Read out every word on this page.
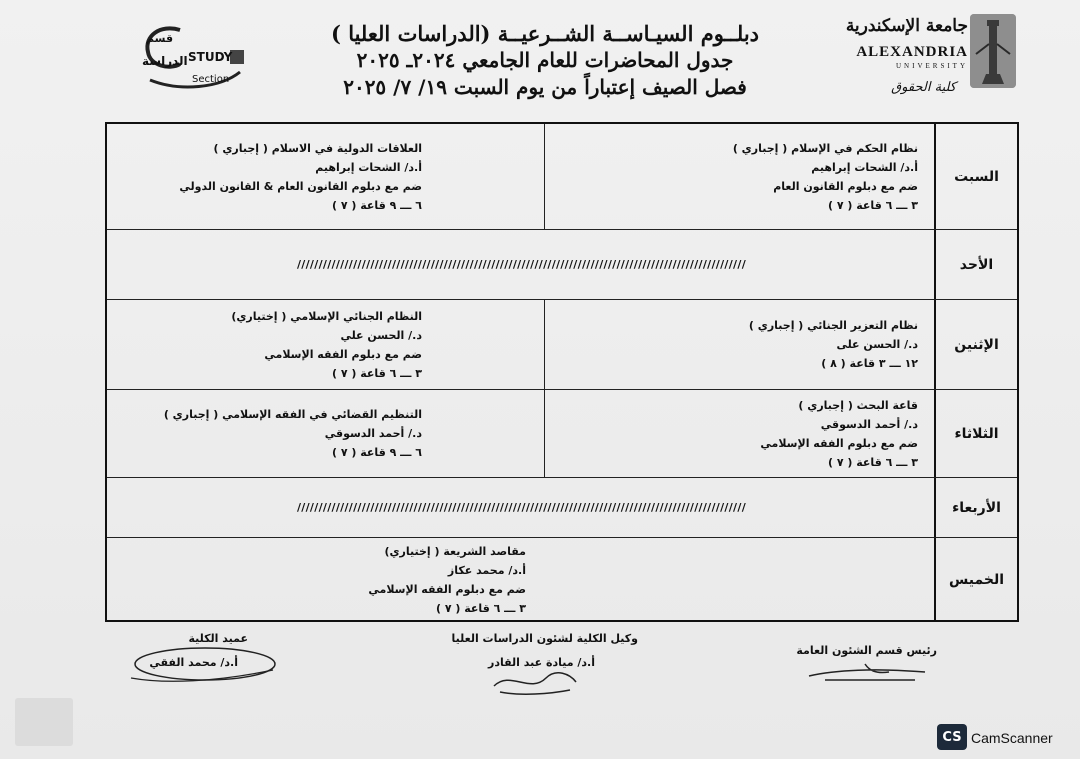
جامعة الإسكندرية
ALEXANDRIA
UNIVERSITY
كلية الحقوق
دبلــوم السيـاســة الشــرعيــة (الدراسات العليا )
جدول المحاضرات للعام الجامعي ٢٠٢٤ـ ٢٠٢٥
فصل الصيف إعتباراً من يوم السبت ١٩/ ٧/ ٢٠٢٥
قسم
STUDY
الدراسة
Section
نظام الحكم في الإسلام ( إجباري )
أ.د/ الشحات إبراهيم
ضم مع دبلوم القانون العام
٣ ـــ ٦ قاعة ( ٧ )
العلاقات الدولية في الاسلام ( إجباري )
أ.د/ الشحات إبراهيم
ضم مع دبلوم القانون العام & القانون الدولي
٦ ـــ ٩ قاعة ( ٧ )
السبت
////////////////////////////////////////////////////////////////////////////////////////////////////////	الأحد
نظام التعزير الجنائي ( إجباري )
د./ الحسن على
١٢ ـــ ٣ قاعة ( ٨ )
النظام الجنائي الإسلامي ( إختياري)
د./ الحسن علي
ضم مع دبلوم الفقه الإسلامي
٣ ـــ ٦ قاعة ( ٧ )
الإثنين
قاعة البحث ( إجباري )
د./ أحمد الدسوقي
ضم مع دبلوم الفقه الإسلامي
٣ ـــ ٦ قاعة ( ٧ )
التنظيم القضائي في الفقه الإسلامي ( إجباري )
د./ أحمد الدسوقي
٦ ـــ ٩ قاعة ( ٧ )
الثلاثاء
////////////////////////////////////////////////////////////////////////////////////////////////////////	الأربعاء
مقاصد الشريعة ( إختياري)
أ.د/ محمد عكاز
ضم مع دبلوم الفقه الإسلامي
٣ ـــ ٦ قاعة ( ٧ )
الخميس
رئيس قسم الشئون العامة
وكيل الكلية لشئون الدراسات العليا
أ.د/ ميادة عبد القادر
عميد الكلية
أ.د/ محمد الفقي
CS CamScanner
